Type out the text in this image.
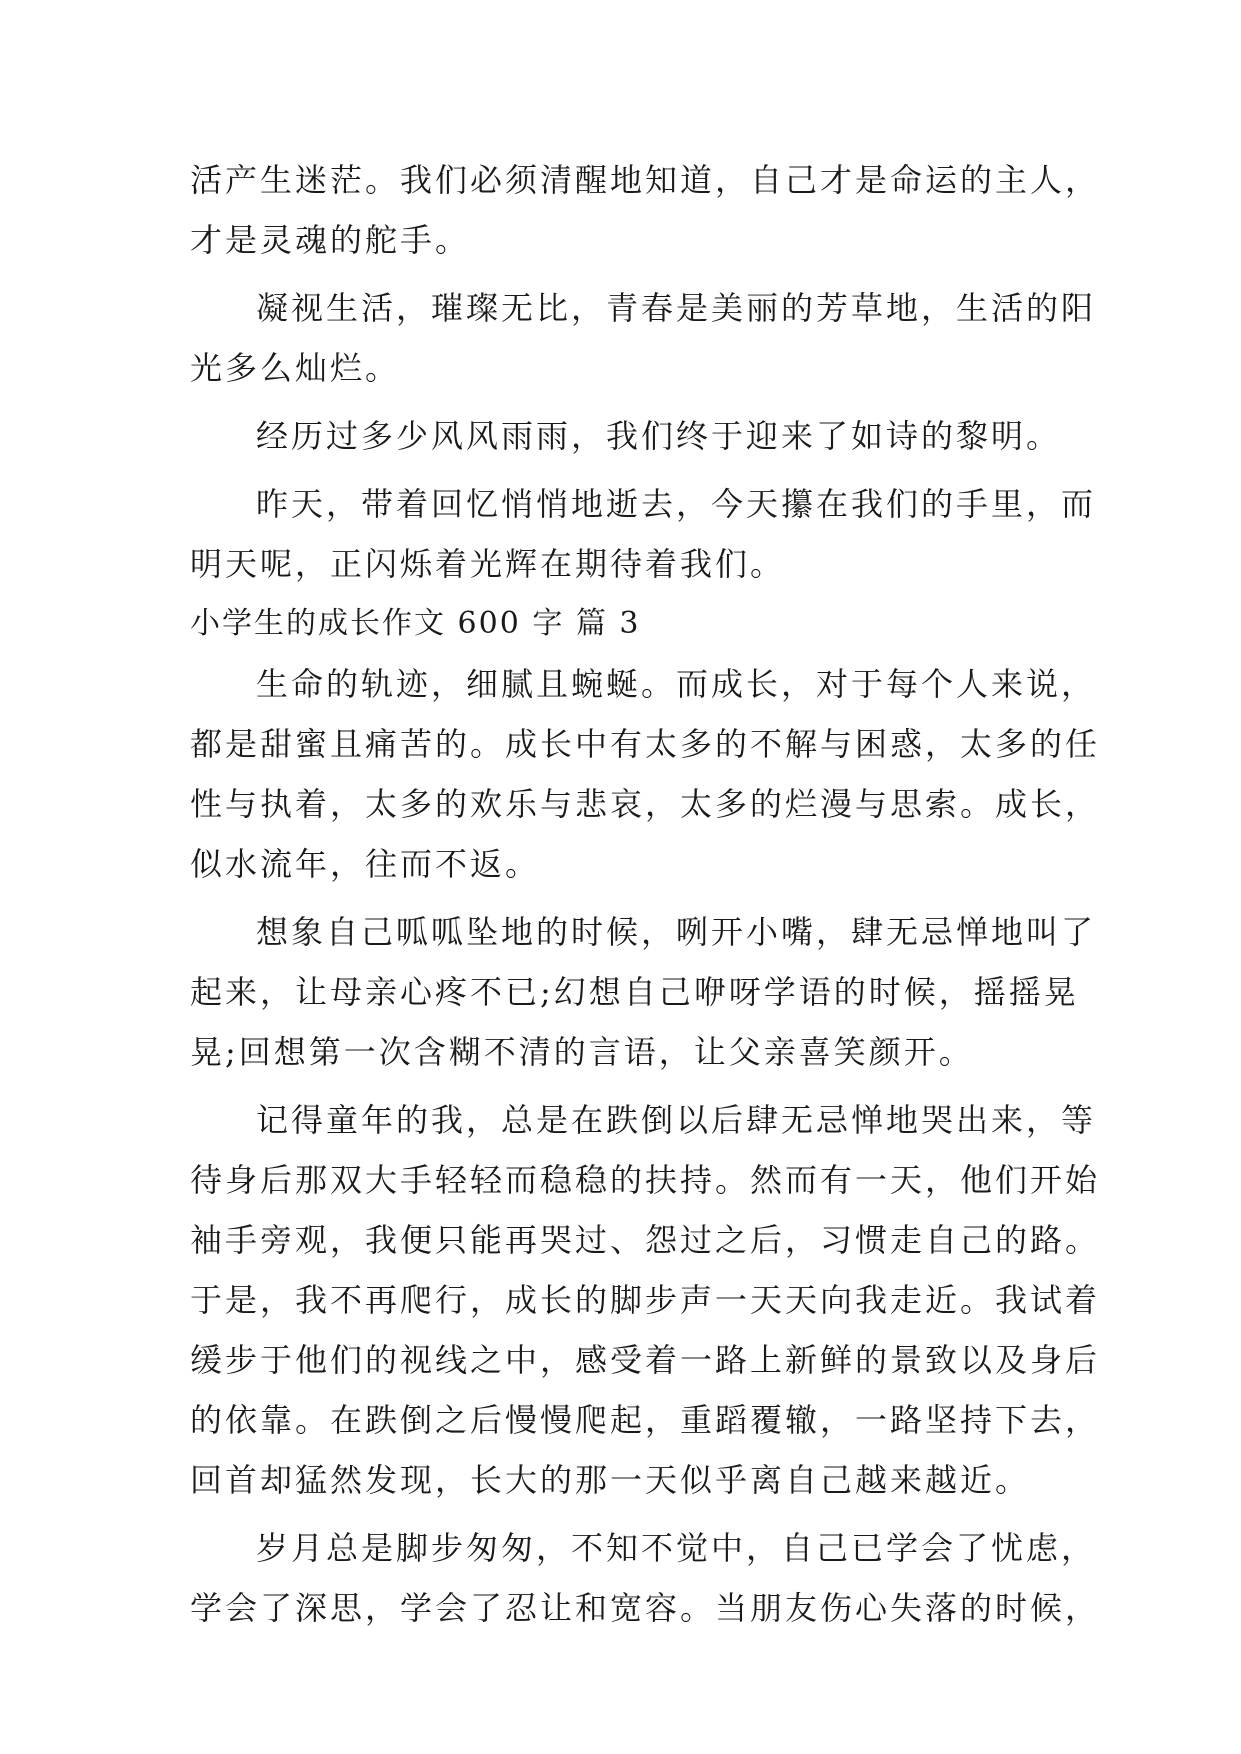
活产生迷茫。我们必须清醒地知道，自己才是命运的主人，

才是灵魂的舵手。

凝视生活，璀璨无比，青春是美丽的芳草地，生活的阳

光多么灿烂。

经历过多少风风雨雨，我们终于迎来了如诗的黎明。

昨天，带着回忆悄悄地逝去，今天攥在我们的手里，而

明天呢，正闪烁着光辉在期待着我们。

小学生的成长作文 600 字 篇 3

生命的轨迹，细腻且蜿蜒。而成长，对于每个人来说，

都是甜蜜且痛苦的。成长中有太多的不解与困惑，太多的任

性与执着，太多的欢乐与悲哀，太多的烂漫与思索。成长，

似水流年，往而不返。

想象自己呱呱坠地的时候，咧开小嘴，肆无忌惮地叫了

起来，让母亲心疼不已;幻想自己咿呀学语的时候，摇摇晃

晃;回想第一次含糊不清的言语，让父亲喜笑颜开。

记得童年的我，总是在跌倒以后肆无忌惮地哭出来，等

待身后那双大手轻轻而稳稳的扶持。然而有一天，他们开始

袖手旁观，我便只能再哭过、怨过之后，习惯走自己的路。

于是，我不再爬行，成长的脚步声一天天向我走近。我试着

缓步于他们的视线之中，感受着一路上新鲜的景致以及身后

的依靠。在跌倒之后慢慢爬起，重蹈覆辙，一路坚持下去，

回首却猛然发现，长大的那一天似乎离自己越来越近。

岁月总是脚步匆匆，不知不觉中，自己已学会了忧虑，

学会了深思，学会了忍让和宽容。当朋友伤心失落的时候，
